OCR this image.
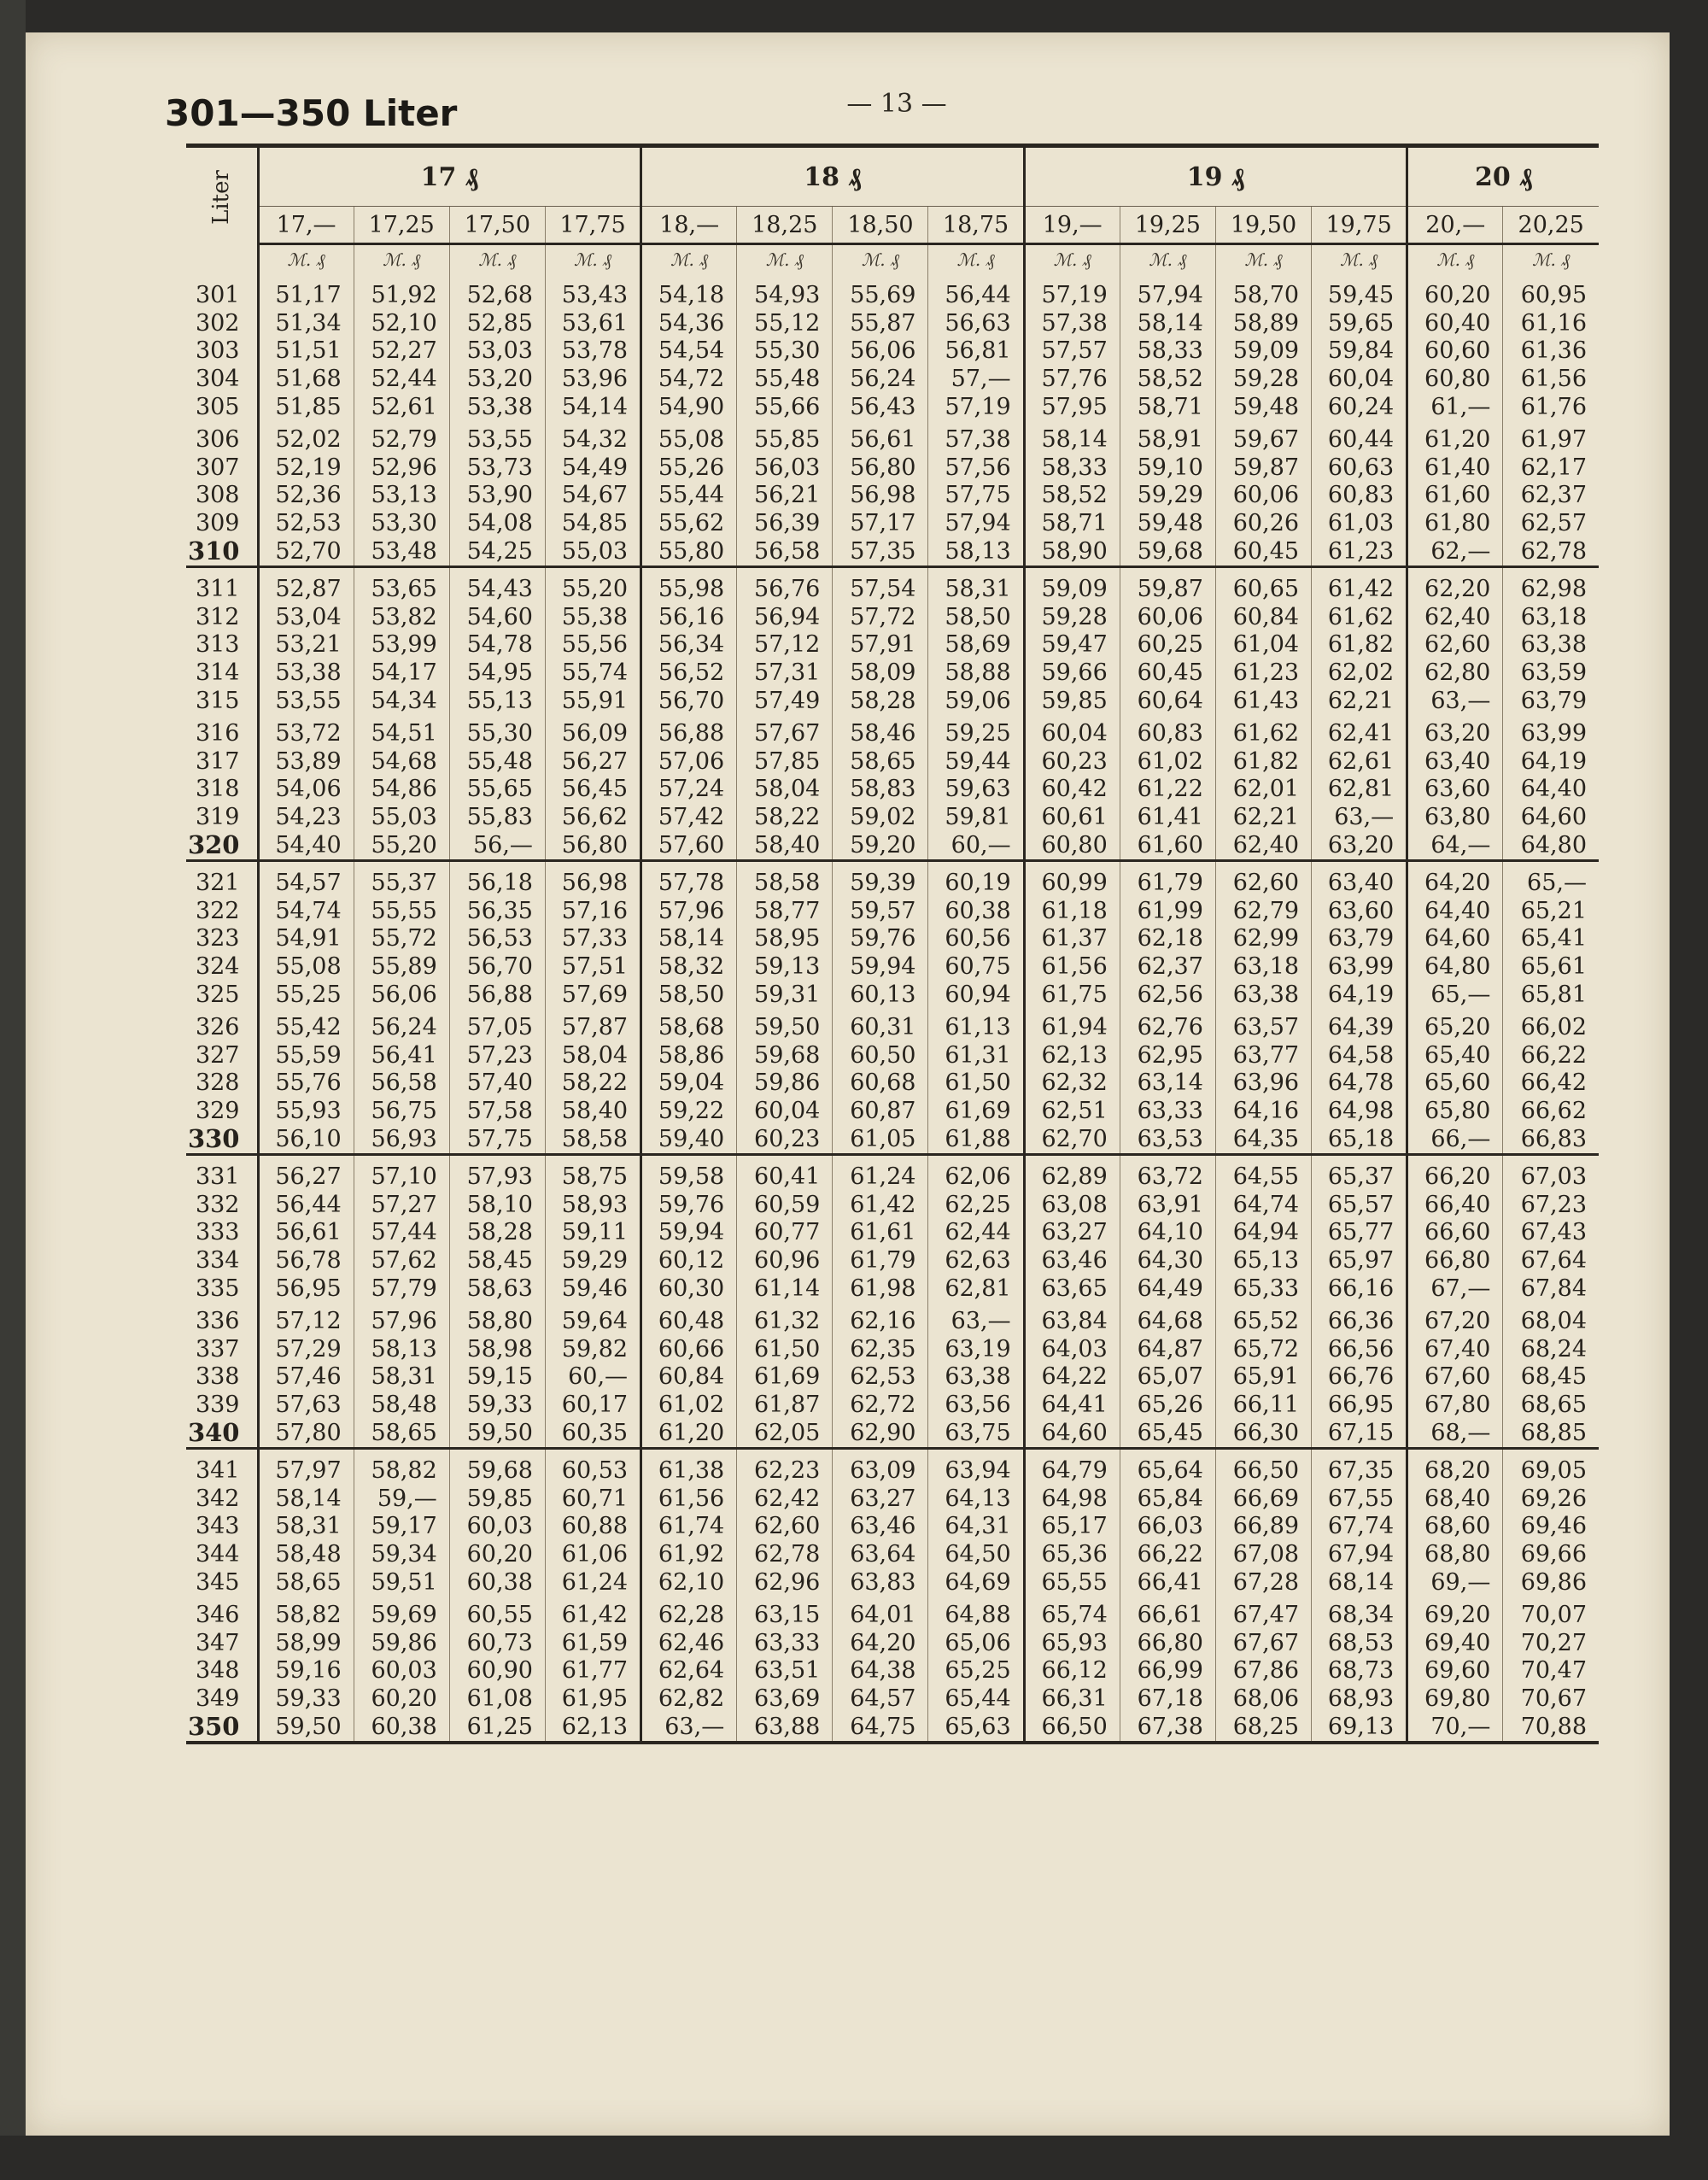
301—350 Liter	— 13 —

Liter	17 ₰				18 ₰				19 ₰				20 ₰	
	17,—	17,25	17,50	17,75	18,—	18,25	18,50	18,75	19,—	19,25	19,50	19,75	20,—	20,25
	ℳ. ₰	ℳ. ₰	ℳ. ₰	ℳ. ₰	ℳ. ₰	ℳ. ₰	ℳ. ₰	ℳ. ₰	ℳ. ₰	ℳ. ₰	ℳ. ₰	ℳ. ₰	ℳ. ₰	ℳ. ₰
301	51,17	51,92	52,68	53,43	54,18	54,93	55,69	56,44	57,19	57,94	58,70	59,45	60,20	60,95
302	51,34	52,10	52,85	53,61	54,36	55,12	55,87	56,63	57,38	58,14	58,89	59,65	60,40	61,16
303	51,51	52,27	53,03	53,78	54,54	55,30	56,06	56,81	57,57	58,33	59,09	59,84	60,60	61,36
304	51,68	52,44	53,20	53,96	54,72	55,48	56,24	57,—	57,76	58,52	59,28	60,04	60,80	61,56
305	51,85	52,61	53,38	54,14	54,90	55,66	56,43	57,19	57,95	58,71	59,48	60,24	61,—	61,76
306	52,02	52,79	53,55	54,32	55,08	55,85	56,61	57,38	58,14	58,91	59,67	60,44	61,20	61,97
307	52,19	52,96	53,73	54,49	55,26	56,03	56,80	57,56	58,33	59,10	59,87	60,63	61,40	62,17
308	52,36	53,13	53,90	54,67	55,44	56,21	56,98	57,75	58,52	59,29	60,06	60,83	61,60	62,37
309	52,53	53,30	54,08	54,85	55,62	56,39	57,17	57,94	58,71	59,48	60,26	61,03	61,80	62,57
310	52,70	53,48	54,25	55,03	55,80	56,58	57,35	58,13	58,90	59,68	60,45	61,23	62,—	62,78
311	52,87	53,65	54,43	55,20	55,98	56,76	57,54	58,31	59,09	59,87	60,65	61,42	62,20	62,98
312	53,04	53,82	54,60	55,38	56,16	56,94	57,72	58,50	59,28	60,06	60,84	61,62	62,40	63,18
313	53,21	53,99	54,78	55,56	56,34	57,12	57,91	58,69	59,47	60,25	61,04	61,82	62,60	63,38
314	53,38	54,17	54,95	55,74	56,52	57,31	58,09	58,88	59,66	60,45	61,23	62,02	62,80	63,59
315	53,55	54,34	55,13	55,91	56,70	57,49	58,28	59,06	59,85	60,64	61,43	62,21	63,—	63,79
316	53,72	54,51	55,30	56,09	56,88	57,67	58,46	59,25	60,04	60,83	61,62	62,41	63,20	63,99
317	53,89	54,68	55,48	56,27	57,06	57,85	58,65	59,44	60,23	61,02	61,82	62,61	63,40	64,19
318	54,06	54,86	55,65	56,45	57,24	58,04	58,83	59,63	60,42	61,22	62,01	62,81	63,60	64,40
319	54,23	55,03	55,83	56,62	57,42	58,22	59,02	59,81	60,61	61,41	62,21	63,—	63,80	64,60
320	54,40	55,20	56,—	56,80	57,60	58,40	59,20	60,—	60,80	61,60	62,40	63,20	64,—	64,80
321	54,57	55,37	56,18	56,98	57,78	58,58	59,39	60,19	60,99	61,79	62,60	63,40	64,20	65,—
322	54,74	55,55	56,35	57,16	57,96	58,77	59,57	60,38	61,18	61,99	62,79	63,60	64,40	65,21
323	54,91	55,72	56,53	57,33	58,14	58,95	59,76	60,56	61,37	62,18	62,99	63,79	64,60	65,41
324	55,08	55,89	56,70	57,51	58,32	59,13	59,94	60,75	61,56	62,37	63,18	63,99	64,80	65,61
325	55,25	56,06	56,88	57,69	58,50	59,31	60,13	60,94	61,75	62,56	63,38	64,19	65,—	65,81
326	55,42	56,24	57,05	57,87	58,68	59,50	60,31	61,13	61,94	62,76	63,57	64,39	65,20	66,02
327	55,59	56,41	57,23	58,04	58,86	59,68	60,50	61,31	62,13	62,95	63,77	64,58	65,40	66,22
328	55,76	56,58	57,40	58,22	59,04	59,86	60,68	61,50	62,32	63,14	63,96	64,78	65,60	66,42
329	55,93	56,75	57,58	58,40	59,22	60,04	60,87	61,69	62,51	63,33	64,16	64,98	65,80	66,62
330	56,10	56,93	57,75	58,58	59,40	60,23	61,05	61,88	62,70	63,53	64,35	65,18	66,—	66,83
331	56,27	57,10	57,93	58,75	59,58	60,41	61,24	62,06	62,89	63,72	64,55	65,37	66,20	67,03
332	56,44	57,27	58,10	58,93	59,76	60,59	61,42	62,25	63,08	63,91	64,74	65,57	66,40	67,23
333	56,61	57,44	58,28	59,11	59,94	60,77	61,61	62,44	63,27	64,10	64,94	65,77	66,60	67,43
334	56,78	57,62	58,45	59,29	60,12	60,96	61,79	62,63	63,46	64,30	65,13	65,97	66,80	67,64
335	56,95	57,79	58,63	59,46	60,30	61,14	61,98	62,81	63,65	64,49	65,33	66,16	67,—	67,84
336	57,12	57,96	58,80	59,64	60,48	61,32	62,16	63,—	63,84	64,68	65,52	66,36	67,20	68,04
337	57,29	58,13	58,98	59,82	60,66	61,50	62,35	63,19	64,03	64,87	65,72	66,56	67,40	68,24
338	57,46	58,31	59,15	60,—	60,84	61,69	62,53	63,38	64,22	65,07	65,91	66,76	67,60	68,45
339	57,63	58,48	59,33	60,17	61,02	61,87	62,72	63,56	64,41	65,26	66,11	66,95	67,80	68,65
340	57,80	58,65	59,50	60,35	61,20	62,05	62,90	63,75	64,60	65,45	66,30	67,15	68,—	68,85
341	57,97	58,82	59,68	60,53	61,38	62,23	63,09	63,94	64,79	65,64	66,50	67,35	68,20	69,05
342	58,14	59,—	59,85	60,71	61,56	62,42	63,27	64,13	64,98	65,84	66,69	67,55	68,40	69,26
343	58,31	59,17	60,03	60,88	61,74	62,60	63,46	64,31	65,17	66,03	66,89	67,74	68,60	69,46
344	58,48	59,34	60,20	61,06	61,92	62,78	63,64	64,50	65,36	66,22	67,08	67,94	68,80	69,66
345	58,65	59,51	60,38	61,24	62,10	62,96	63,83	64,69	65,55	66,41	67,28	68,14	69,—	69,86
346	58,82	59,69	60,55	61,42	62,28	63,15	64,01	64,88	65,74	66,61	67,47	68,34	69,20	70,07
347	58,99	59,86	60,73	61,59	62,46	63,33	64,20	65,06	65,93	66,80	67,67	68,53	69,40	70,27
348	59,16	60,03	60,90	61,77	62,64	63,51	64,38	65,25	66,12	66,99	67,86	68,73	69,60	70,47
349	59,33	60,20	61,08	61,95	62,82	63,69	64,57	65,44	66,31	67,18	68,06	68,93	69,80	70,67
350	59,50	60,38	61,25	62,13	63,—	63,88	64,75	65,63	66,50	67,38	68,25	69,13	70,—	70,88
